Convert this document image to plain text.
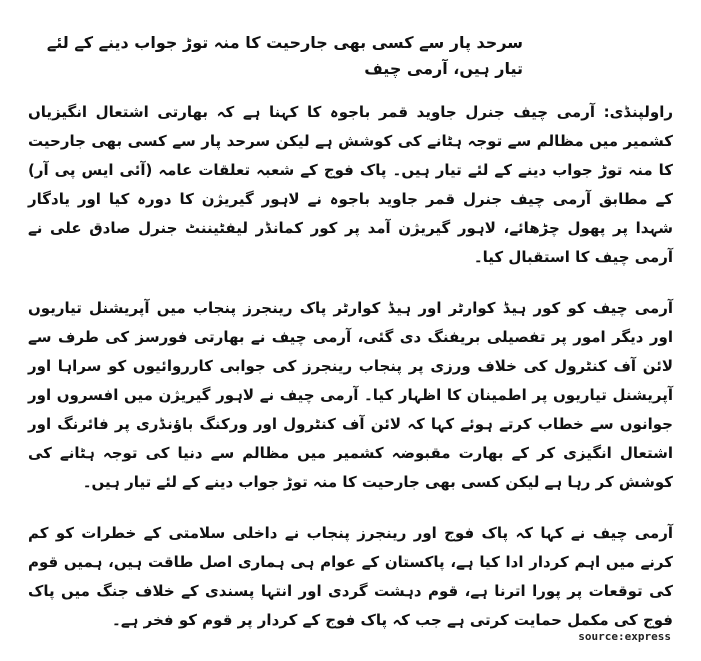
سرحد پار سے کسی بھی جارحیت کا منہ توڑ جواب دینے کے لئے تیار ہیں، آرمی چیف

راولپنڈی: آرمی چیف جنرل جاوید قمر باجوہ کا کہنا ہے کہ بھارتی اشتعال انگیزیاں کشمیر میں مظالم سے توجہ ہٹانے کی کوشش ہے لیکن سرحد پار سے کسی بھی جارحیت کا منہ توڑ جواب دینے کے لئے تیار ہیں۔ پاک فوج کے شعبہ تعلقات عامہ (آئی ایس پی آر) کے مطابق آرمی چیف جنرل قمر جاوید باجوہ نے لاہور گیریژن کا دورہ کیا اور یادگار شہدا پر پھول چڑھائے، لاہور گیریژن آمد پر کور کمانڈر لیفٹیننٹ جنرل صادق علی نے آرمی چیف کا استقبال کیا۔

آرمی چیف کو کور ہیڈ کوارٹر اور ہیڈ کوارٹر پاک رینجرز پنجاب میں آپریشنل تیاریوں اور دیگر امور پر تفصیلی بریفنگ دی گئی، آرمی چیف نے بھارتی فورسز کی طرف سے لائن آف کنٹرول کی خلاف ورزی پر پنجاب رینجرز کی جوابی کارروائیوں کو سراہا اور آپریشنل تیاریوں پر اطمینان کا اظہار کیا۔ آرمی چیف نے لاہور گیریژن میں افسروں اور جوانوں سے خطاب کرتے ہوئے کہا کہ لائن آف کنٹرول اور ورکنگ باؤنڈری پر فائرنگ اور اشتعال انگیزی کر کے بھارت مقبوضہ کشمیر میں مظالم سے دنیا کی توجہ ہٹانے کی کوشش کر رہا ہے لیکن کسی بھی جارحیت کا منہ توڑ جواب دینے کے لئے تیار ہیں۔

آرمی چیف نے کہا کہ پاک فوج اور رینجرز پنجاب نے داخلی سلامتی کے خطرات کو کم کرنے میں اہم کردار ادا کیا ہے، پاکستان کے عوام ہی ہماری اصل طاقت ہیں، ہمیں قوم کی توقعات پر پورا اترنا ہے، قوم دہشت گردی اور انتہا پسندی کے خلاف جنگ میں پاک فوج کی مکمل حمایت کرتی ہے جب کہ پاک فوج کے کردار پر قوم کو فخر ہے۔

source:express
